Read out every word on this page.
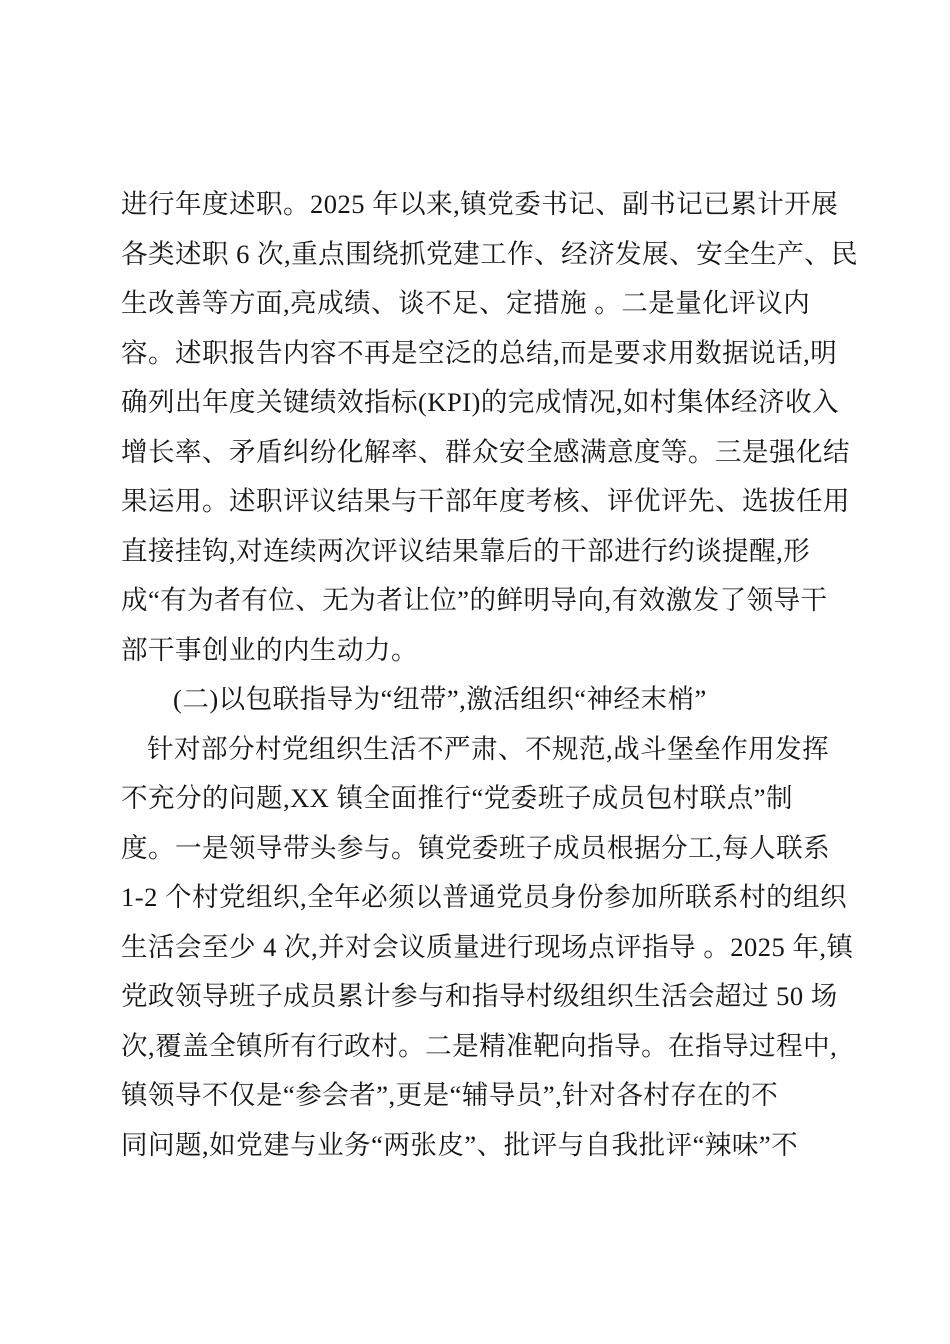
进行年度述职。2025 年以来,镇党委书记、副书记已累计开展
各类述职 6 次,重点围绕抓党建工作、经济发展、安全生产、民
生改善等方面,亮成绩、谈不足、定措施 。二是量化评议内
容。述职报告内容不再是空泛的总结,而是要求用数据说话,明
确列出年度关键绩效指标(KPI)的完成情况,如村集体经济收入
增长率、矛盾纠纷化解率、群众安全感满意度等。三是强化结
果运用。述职评议结果与干部年度考核、评优评先、选拔任用
直接挂钩,对连续两次评议结果靠后的干部进行约谈提醒,形
成“有为者有位、无为者让位”的鲜明导向,有效激发了领导干
部干事创业的内生动力。
(二)以包联指导为“纽带”,激活组织“神经末梢”
针对部分村党组织生活不严肃、不规范,战斗堡垒作用发挥
不充分的问题,XX 镇全面推行“党委班子成员包村联点”制
度。一是领导带头参与。镇党委班子成员根据分工,每人联系
1-2 个村党组织,全年必须以普通党员身份参加所联系村的组织
生活会至少 4 次,并对会议质量进行现场点评指导 。2025 年,镇
党政领导班子成员累计参与和指导村级组织生活会超过 50 场
次,覆盖全镇所有行政村。二是精准靶向指导。在指导过程中,
镇领导不仅是“参会者”,更是“辅导员”,针对各村存在的不
同问题,如党建与业务“两张皮”、批评与自我批评“辣味”不
